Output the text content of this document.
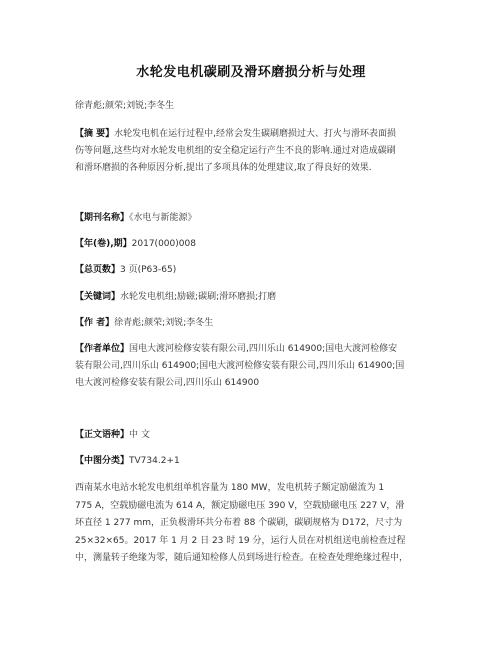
水轮发电机碳刷及滑环磨损分析与处理
徐青彪;颜荣;刘锐;李冬生
【摘 要】水轮发电机在运行过程中,经常会发生碳刷磨损过大、打火与滑环表面损
伤等问题,这些均对水轮发电机组的安全稳定运行产生不良的影响.通过对造成碳刷
和滑环磨损的各种原因分析,提出了多项具体的处理建议,取了得良好的效果.
【期刊名称】《水电与新能源》
【年(卷),期】2017(000)008
【总页数】3 页(P63-65)
【关键词】水轮发电机组;励磁;碳刷;滑环磨损;打磨
【作 者】徐青彪;颜荣;刘锐;李冬生
【作者单位】国电大渡河检修安装有限公司,四川乐山 614900;国电大渡河检修安
装有限公司,四川乐山 614900;国电大渡河检修安装有限公司,四川乐山 614900;国
电大渡河检修安装有限公司,四川乐山 614900
【正文语种】中 文
【中图分类】TV734.2+1
西南某水电站水轮发电机组单机容量为 180 MW，发电机转子额定励磁流为 1
775 A，空载励磁电流为 614 A，额定励磁电压 390 V，空载励磁电压 227 V，滑
环直径 1 277 mm，正负极滑环共分布着 88 个碳刷，碳刷规格为 D172，尺寸为
25×32×65。2017 年 1 月 2 日 23 时 19 分，运行人员在对机组送电前检查过程
中，测量转子绝缘为零，随后通知检修人员到场进行检查。在检查处理绝缘过程中，
